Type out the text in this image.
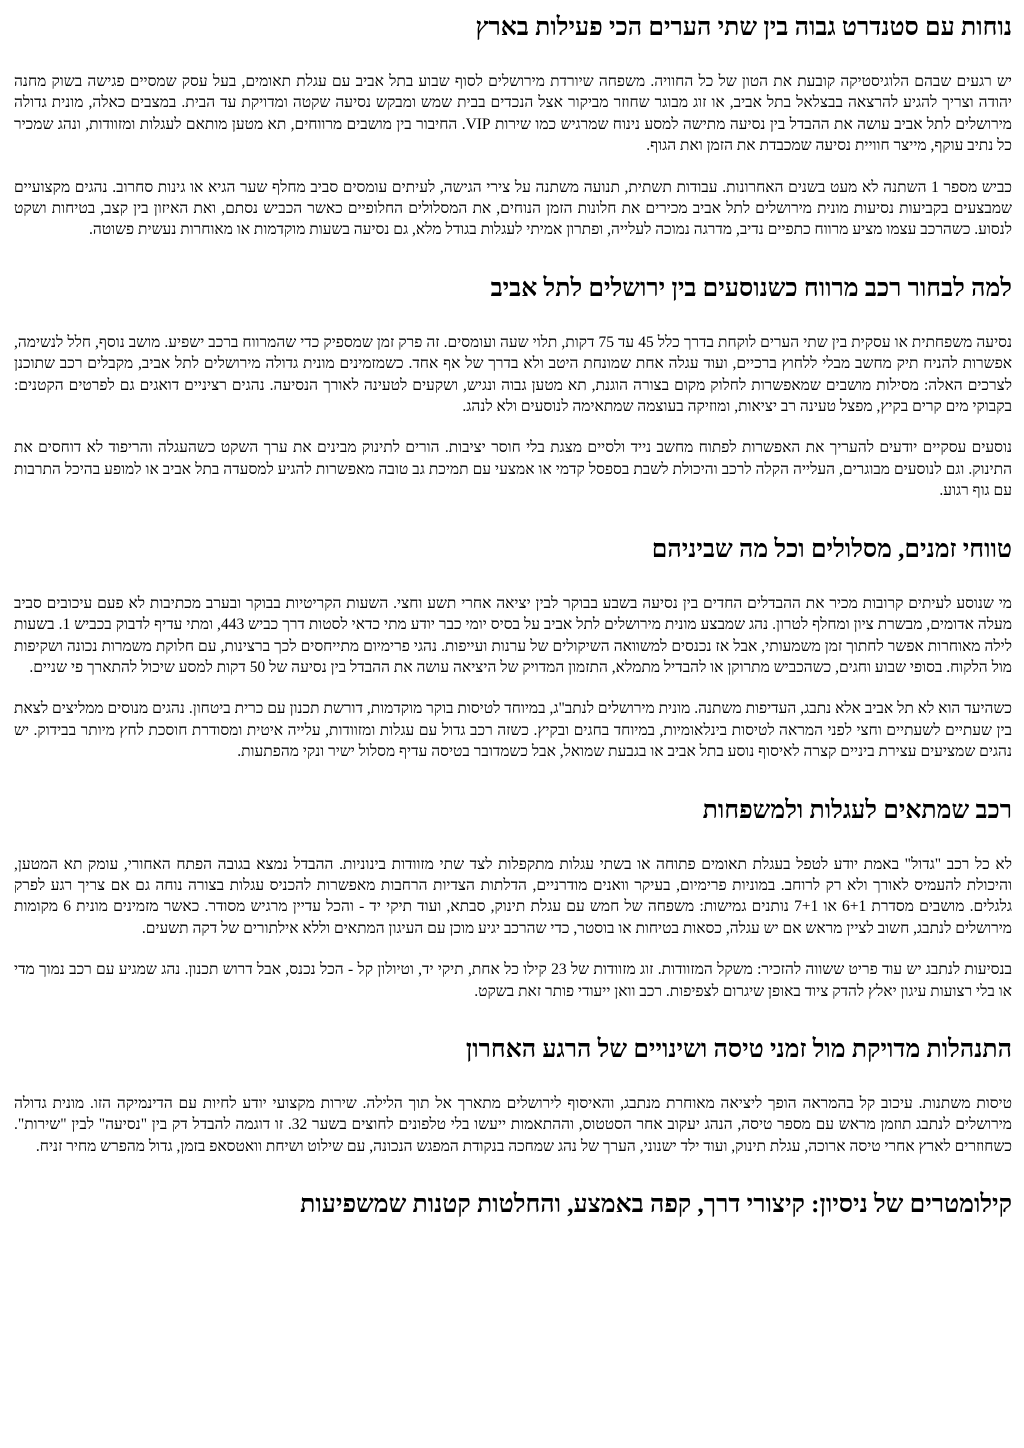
נוחות עם סטנדרט גבוה בין שתי הערים הכי פעילות בארץ

יש רגעים שבהם הלוגיסטיקה קובעת את הטון של כל החוויה. משפחה שיורדת מירושלים לסוף שבוע בתל אביב עם עגלת תאומים, בעל עסק שמסיים פגישה בשוק מחנה יהודה וצריך להגיע להרצאה בבצלאל בתל אביב, או זוג מבוגר שחוזר מביקור אצל הנכדים בבית שמש ומבקש נסיעה שקטה ומדויקת עד הבית. במצבים כאלה, מונית גדולה מירושלים לתל אביב עושה את ההבדל בין נסיעה מתישה למסע נינוח שמרגיש כמו שירות VIP. החיבור בין מושבים מרווחים, תא מטען מותאם לעגלות ומזוודות, ונהג שמכיר כל נתיב עוקף, מייצר חוויית נסיעה שמכבדת את הזמן ואת הגוף.

כביש מספר 1 השתנה לא מעט בשנים האחרונות. עבודות תשתית, תנועה משתנה על צירי הגישה, לעיתים עומסים סביב מחלף שער הגיא או גינות סחרוב. נהגים מקצועיים שמבצעים בקביעות נסיעות מונית מירושלים לתל אביב מכירים את חלונות הזמן הנוחים, את המסלולים החלופיים כאשר הכביש נסתם, ואת האיזון בין קצב, בטיחות ושקט לנסוע. כשהרכב עצמו מציע מרווח כתפיים נדיב, מדרגה נמוכה לעלייה, ופתרון אמיתי לעגלות בגודל מלא, גם נסיעה בשעות מוקדמות או מאוחרות נעשית פשוטה.

למה לבחור רכב מרווח כשנוסעים בין ירושלים לתל אביב

נסיעה משפחתית או עסקית בין שתי הערים לוקחת בדרך כלל 45 עד 75 דקות, תלוי שעה ועומסים. זה פרק זמן שמספיק כדי שהמרווח ברכב ישפיע. מושב נוסף, חלל לנשימה, אפשרות להניח תיק מחשב מבלי ללחוץ ברכיים, ועוד עגלה אחת שמונחת היטב ולא בדרך של אף אחד. כשמזמינים מונית גדולה מירושלים לתל אביב, מקבלים רכב שתוכנן לצרכים האלה: מסילות מושבים שמאפשרות לחלוק מקום בצורה הוגנת, תא מטען גבוה ונגיש, ושקעים לטעינה לאורך הנסיעה. נהגים רציניים דואגים גם לפרטים הקטנים: בקבוקי מים קרים בקיץ, מפצל טעינה רב יציאות, ומוזיקה בעוצמה שמתאימה לנוסעים ולא לנהג.

נוסעים עסקיים יודעים להעריך את האפשרות לפתוח מחשב נייד ולסיים מצגת בלי חוסר יציבות. הורים לתינוק מבינים את ערך השקט כשהעגלה והריפוד לא דוחסים את התינוק. וגם לנוסעים מבוגרים, העלייה הקלה לרכב והיכולת לשבת בספסל קדמי או אמצעי עם תמיכת גב טובה מאפשרות להגיע למסעדה בתל אביב או למופע בהיכל התרבות עם גוף רגוע.

טווחי זמנים, מסלולים וכל מה שביניהם

מי שנוסע לעיתים קרובות מכיר את ההבדלים החדים בין נסיעה בשבע בבוקר לבין יציאה אחרי תשע וחצי. השעות הקריטיות בבוקר ובערב מכתיבות לא פעם עיכובים סביב מעלה אדומים, מבשרת ציון ומחלף לטרון. נהג שמבצע מונית מירושלים לתל אביב על בסיס יומי כבר יודע מתי כדאי לסטות דרך כביש 443, ומתי עדיף לדבוק בכביש 1. בשעות לילה מאוחרות אפשר לחתוך זמן משמעותי, אבל אז נכנסים למשוואה השיקולים של ערנות ועייפות. נהגי פרימיום מתייחסים לכך ברצינות, עם חלוקת משמרות נכונה ושקיפות מול הלקוח. בסופי שבוע וחגים, כשהכביש מתרוקן או להבדיל מתמלא, התזמון המדויק של היציאה עושה את ההבדל בין נסיעה של 50 דקות למסע שיכול להתארך פי שניים.

כשהיעד הוא לא תל אביב אלא נתבג, העדיפות משתנה. מונית מירושלים לנתב"ג, במיוחד לטיסות בוקר מוקדמות, דורשת תכנון עם כרית ביטחון. נהגים מנוסים ממליצים לצאת בין שעתיים לשעתיים וחצי לפני המראה לטיסות בינלאומיות, במיוחד בחגים ובקיץ. כשזה רכב גדול עם עגלות ומזוודות, עלייה איטית ומסודרת חוסכת לחץ מיותר בבידוק. יש נהגים שמציעים עצירת ביניים קצרה לאיסוף נוסע בתל אביב או בגבעת שמואל, אבל כשמדובר בטיסה עדיף מסלול ישיר ונקי מהפתעות.

רכב שמתאים לעגלות ולמשפחות

לא כל רכב "גדול" באמת יודע לטפל בעגלת תאומים פתוחה או בשתי עגלות מתקפלות לצד שתי מזוודות בינוניות. ההבדל נמצא בגובה הפתח האחורי, עומק תא המטען, והיכולת להעמיס לאורך ולא רק לרוחב. במוניות פרימיום, בעיקר וואנים מודרניים, הדלתות הצדיות הרחבות מאפשרות להכניס עגלות בצורה נוחה גם אם צריך רגע לפרק גלגלים. מושבים מסדרת 6+1 או 7+1 נותנים גמישות: משפחה של חמש עם עגלת תינוק, סבתא, ועוד תיקי יד - והכל עדיין מרגיש מסודר. כאשר מזמינים מונית 6 מקומות מירושלים לנתבג, חשוב לציין מראש אם יש עגלה, כסאות בטיחות או בוסטר, כדי שהרכב יגיע מוכן עם העיגון המתאים וללא אילתורים של דקה תשעים.

בנסיעות לנתבג יש עוד פריט ששווה להזכיר: משקל המזוודות. זוג מזוודות של 23 קילו כל אחת, תיקי יד, וטיולון קל - הכל נכנס, אבל דרוש תכנון. נהג שמגיע עם רכב נמוך מדי או בלי רצועות עיגון יאלץ להדק ציוד באופן שיגרום לצפיפות. רכב וואן ייעודי פותר זאת בשקט.

התנהלות מדויקת מול זמני טיסה ושינויים של הרגע האחרון

טיסות משתנות. עיכוב קל בהמראה הופך ליציאה מאוחרת מנתבג, והאיסוף לירושלים מתארך אל תוך הלילה. שירות מקצועי יודע לחיות עם הדינמיקה הזו. מונית גדולה מירושלים לנתבג תוזמן מראש עם מספר טיסה, הנהג יעקוב אחר הסטטוס, וההתאמות ייעשו בלי טלפונים לחוצים בשער 32. זו דוגמה להבדל דק בין "נסיעה" לבין "שירות". כשחוזרים לארץ אחרי טיסה ארוכה, עגלת תינוק, ועוד ילד ישנוני, הערך של נהג שמחכה בנקודת המפגש הנכונה, עם שילוט ושיחת וואטסאפ בזמן, גדול מהפרש מחיר זניח.

קילומטרים של ניסיון: קיצורי דרך, קפה באמצע, והחלטות קטנות שמשפיעות
